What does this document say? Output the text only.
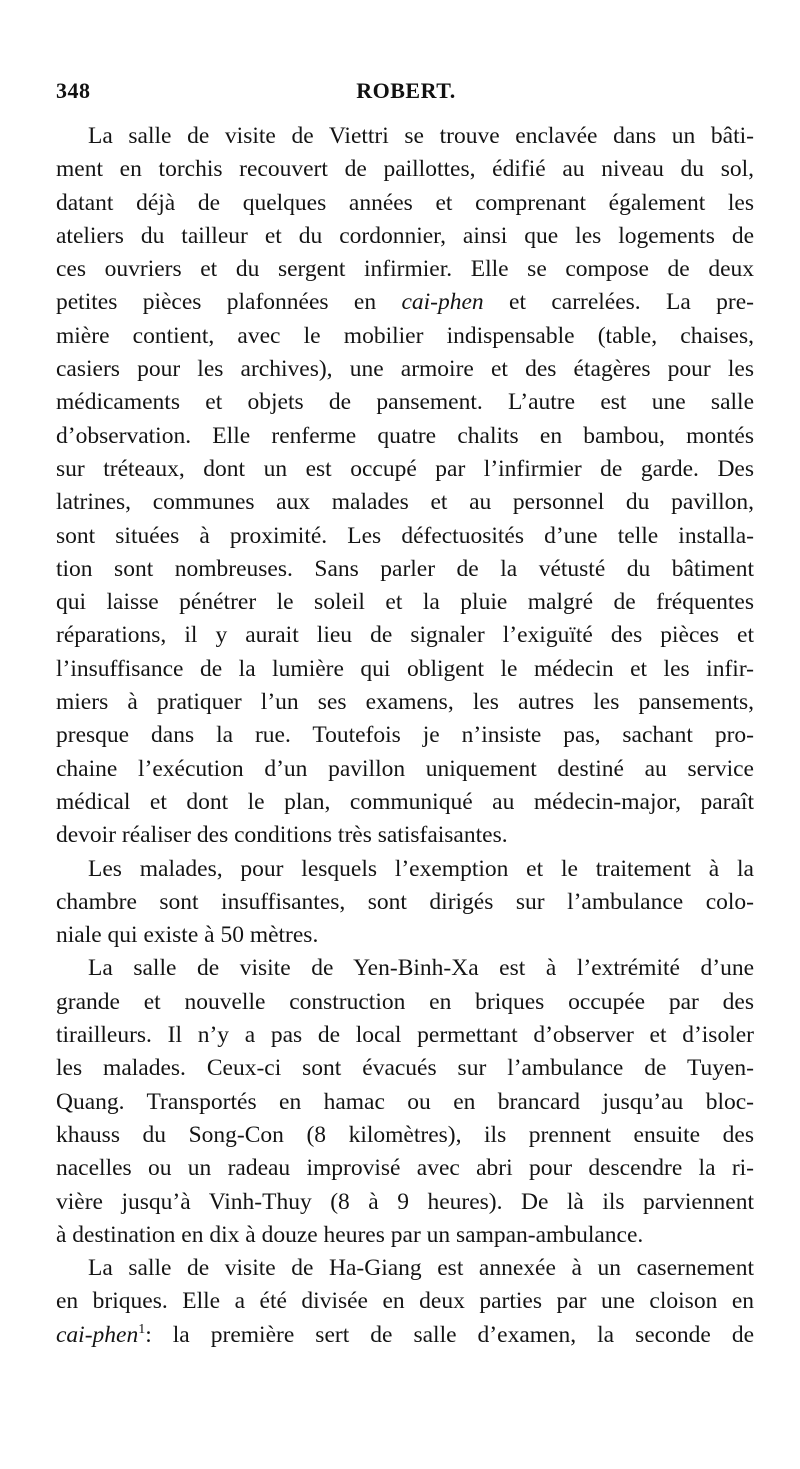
348	ROBERT.
La salle de visite de Viettri se trouve enclavée dans un bâti-
ment en torchis recouvert de paillottes, édifié au niveau du sol,
datant déjà de quelques années et comprenant également les
ateliers du tailleur et du cordonnier, ainsi que les logements de
ces ouvriers et du sergent infirmier. Elle se compose de deux
petites pièces plafonnées en cai-phen et carrelées. La pre-
mière contient, avec le mobilier indispensable (table, chaises,
casiers pour les archives), une armoire et des étagères pour les
médicaments et objets de pansement. L’autre est une salle
d’observation. Elle renferme quatre chalits en bambou, montés
sur tréteaux, dont un est occupé par l’infirmier de garde. Des
latrines, communes aux malades et au personnel du pavillon,
sont situées à proximité. Les défectuosités d’une telle installa-
tion sont nombreuses. Sans parler de la vétusté du bâtiment
qui laisse pénétrer le soleil et la pluie malgré de fréquentes
réparations, il y aurait lieu de signaler l’exiguïté des pièces et
l’insuffisance de la lumière qui obligent le médecin et les infir-
miers à pratiquer l’un ses examens, les autres les pansements,
presque dans la rue. Toutefois je n’insiste pas, sachant pro-
chaine l’exécution d’un pavillon uniquement destiné au service
médical et dont le plan, communiqué au médecin-major, paraît
devoir réaliser des conditions très satisfaisantes.
Les malades, pour lesquels l’exemption et le traitement à la
chambre sont insuffisantes, sont dirigés sur l’ambulance colo-
niale qui existe à 50 mètres.
La salle de visite de Yen-Binh-Xa est à l’extrémité d’une
grande et nouvelle construction en briques occupée par des
tirailleurs. Il n’y a pas de local permettant d’observer et d’isoler
les malades. Ceux-ci sont évacués sur l’ambulance de Tuyen-
Quang. Transportés en hamac ou en brancard jusqu’au bloc-
khauss du Song-Con (8 kilomètres), ils prennent ensuite des
nacelles ou un radeau improvisé avec abri pour descendre la ri-
vière jusqu’à Vinh-Thuy (8 à 9 heures). De là ils parviennent
à destination en dix à douze heures par un sampan-ambulance.
La salle de visite de Ha-Giang est annexée à un casernement
en briques. Elle a été divisée en deux parties par une cloison en
cai-phen$^1$: la première sert de salle d’examen, la seconde de
